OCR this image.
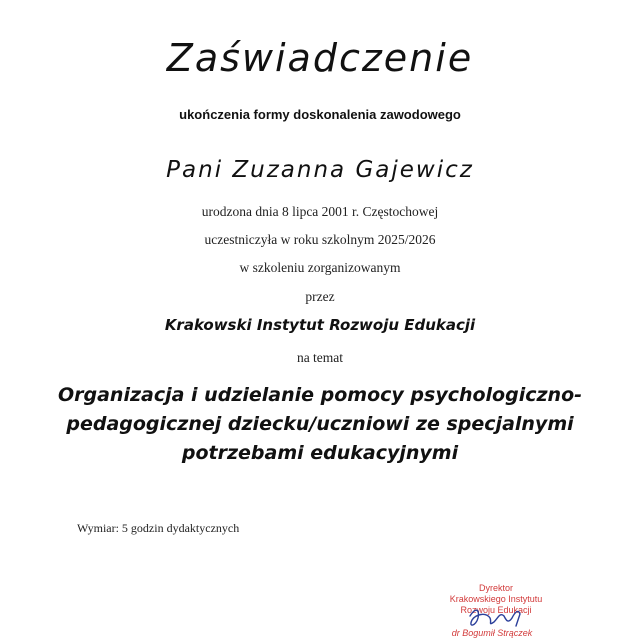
Zaświadczenie
ukończenia formy doskonalenia zawodowego
Pani Zuzanna Gajewicz
urodzona dnia 8 lipca 2001 r. Częstochowej
uczestniczyła w roku szkolnym 2025/2026
w szkoleniu zorganizowanym
przez
Krakowski Instytut Rozwoju Edukacji
na temat
Organizacja i udzielanie pomocy psychologiczno-
pedagogicznej dziecku/uczniowi ze specjalnymi
potrzebami edukacyjnymi
Wymiar: 5 godzin dydaktycznych
Dyrektor
Krakowskiego Instytutu
Rozwoju Edukacji
dr Bogumił Strączek
